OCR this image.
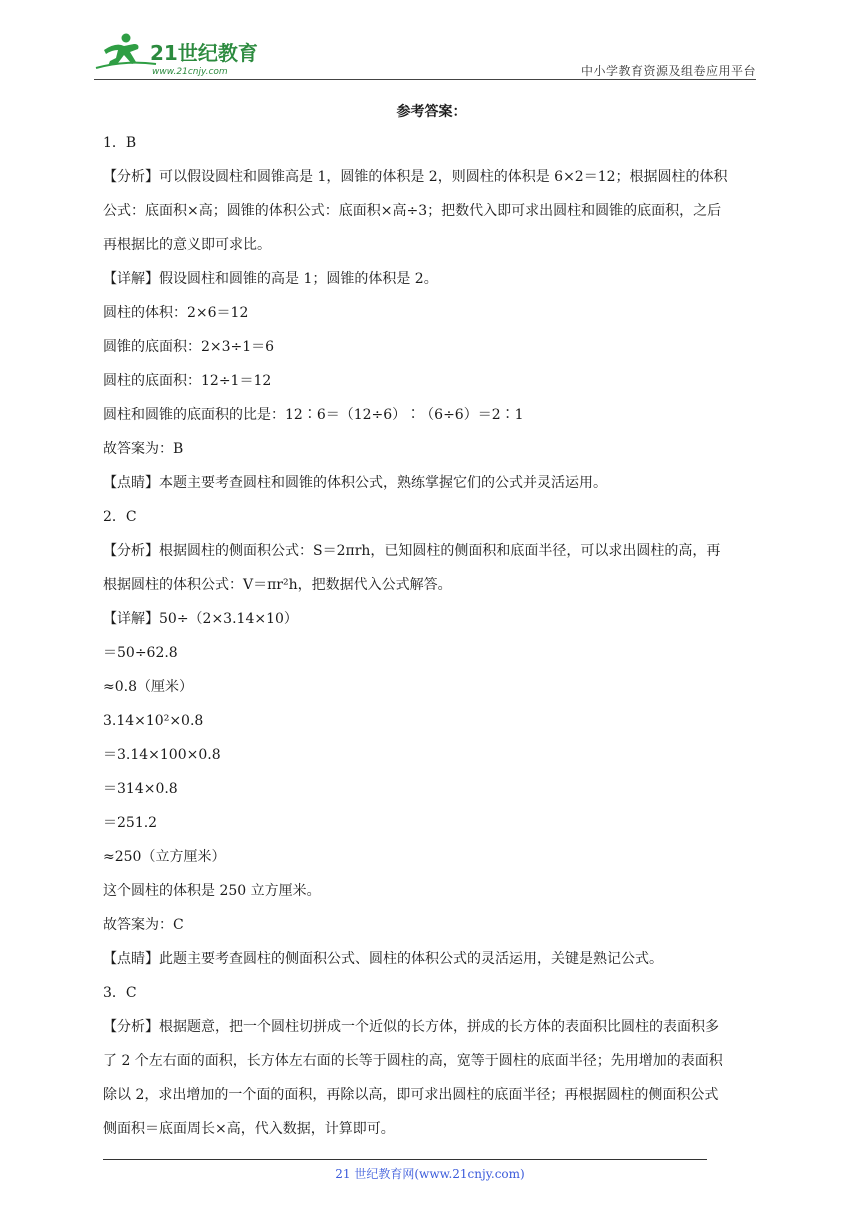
21世纪教育
www.21cnjy.com	中小学教育资源及组卷应用平台
参考答案：

1．B

【分析】可以假设圆柱和圆锥高是 1，圆锥的体积是 2，则圆柱的体积是 6×2＝12；根据圆柱的体积

公式：底面积×高；圆锥的体积公式：底面积×高÷3；把数代入即可求出圆柱和圆锥的底面积，之后

再根据比的意义即可求比。

【详解】假设圆柱和圆锥的高是 1；圆锥的体积是 2。

圆柱的体积：2×6＝12

圆锥的底面积：2×3÷1＝6

圆柱的底面积：12÷1＝12

圆柱和圆锥的底面积的比是：12∶6＝（12÷6）∶（6÷6）＝2∶1

故答案为：B

【点睛】本题主要考查圆柱和圆锥的体积公式，熟练掌握它们的公式并灵活运用。

2．C

【分析】根据圆柱的侧面积公式：S＝2πrh，已知圆柱的侧面积和底面半径，可以求出圆柱的高，再

根据圆柱的体积公式：V＝πr²h，把数据代入公式解答。

【详解】50÷（2×3.14×10）

＝50÷62.8

≈0.8（厘米）

3.14×10²×0.8

＝3.14×100×0.8

＝314×0.8

＝251.2

≈250（立方厘米）

这个圆柱的体积是 250 立方厘米。

故答案为：C

【点睛】此题主要考查圆柱的侧面积公式、圆柱的体积公式的灵活运用，关键是熟记公式。

3．C

【分析】根据题意，把一个圆柱切拼成一个近似的长方体，拼成的长方体的表面积比圆柱的表面积多

了 2 个左右面的面积，长方体左右面的长等于圆柱的高，宽等于圆柱的底面半径；先用增加的表面积

除以 2，求出增加的一个面的面积，再除以高，即可求出圆柱的底面半径；再根据圆柱的侧面积公式

侧面积＝底面周长×高，代入数据，计算即可。

21 世纪教育网(www.21cnjy.com)
